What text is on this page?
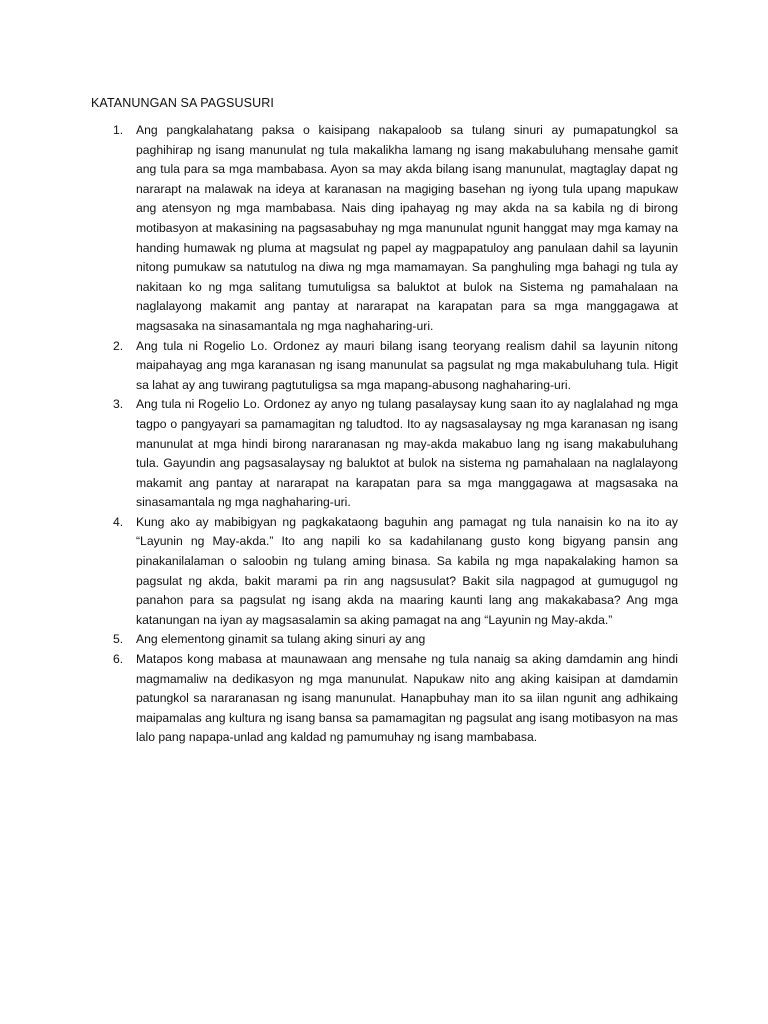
KATANUNGAN SA PAGSUSURI
1.	Ang pangkalahatang paksa o kaisipang nakapaloob sa tulang sinuri ay pumapatungkol sa paghihirap ng isang manunulat ng tula makalikha lamang ng isang makabuluhang mensahe gamit ang tula para sa mga mambabasa. Ayon sa may akda bilang isang manunulat, magtaglay dapat ng nararapt na malawak na ideya at karanasan na magiging basehan ng iyong tula upang mapukaw ang atensyon ng mga mambabasa. Nais ding ipahayag ng may akda na sa kabila ng di birong motibasyon at makasining na pagsasabuhay ng mga manunulat ngunit hanggat may mga kamay na handing humawak ng pluma at magsulat ng papel ay magpapatuloy ang panulaan dahil sa layunin nitong pumukaw sa natutulog na diwa ng mga mamamayan. Sa panghuling mga bahagi ng tula ay nakitaan ko ng mga salitang tumutuligsa sa baluktot at bulok na Sistema ng pamahalaan na naglalayong makamit ang pantay at nararapat na karapatan para sa mga manggagawa at magsasaka na sinasamantala ng mga naghaharing-uri.
2.	Ang tula ni Rogelio Lo. Ordonez ay mauri bilang isang teoryang realism dahil sa layunin nitong maipahayag ang mga karanasan ng isang manunulat sa pagsulat ng mga makabuluhang tula. Higit sa lahat ay ang tuwirang pagtutuligsa sa mga mapang-abusong naghaharing-uri.
3.	Ang tula ni Rogelio Lo. Ordonez ay anyo ng tulang pasalaysay kung saan ito ay naglalahad ng mga tagpo o pangyayari sa pamamagitan ng taludtod. Ito ay nagsasalaysay ng mga karanasan ng isang manunulat at mga hindi birong nararanasan ng may-akda makabuo lang ng isang makabuluhang tula. Gayundin ang pagsasalaysay ng baluktot at bulok na sistema ng pamahalaan na naglalayong makamit ang pantay at nararapat na karapatan para sa mga manggagawa at magsasaka na sinasamantala ng mga naghaharing-uri.
4.	Kung ako ay mabibigyan ng pagkakataong baguhin ang pamagat ng tula nanaisin ko na ito ay “Layunin ng May-akda.” Ito ang napili ko sa kadahilanang gusto kong bigyang pansin ang pinakanilalaman o saloobin ng tulang aming binasa. Sa kabila ng mga napakalaking hamon sa pagsulat ng akda, bakit marami pa rin ang nagsusulat? Bakit sila nagpagod at gumugugol ng panahon para sa pagsulat ng isang akda na maaring kaunti lang ang makakabasa? Ang mga katanungan na iyan ay magsasalamin sa aking pamagat na ang “Layunin ng May-akda.”
5.	Ang elementong ginamit sa tulang aking sinuri ay ang
6.	Matapos kong mabasa at maunawaan ang mensahe ng tula nanaig sa aking damdamin ang hindi magmamaliw na dedikasyon ng mga manunulat. Napukaw nito ang aking kaisipan at damdamin patungkol sa nararanasan ng isang manunulat. Hanapbuhay man ito sa iilan ngunit ang adhikaing maipamalas ang kultura ng isang bansa sa pamamagitan ng pagsulat ang isang motibasyon na mas lalo pang napapa-unlad ang kaldad ng pamumuhay ng isang mambabasa.
